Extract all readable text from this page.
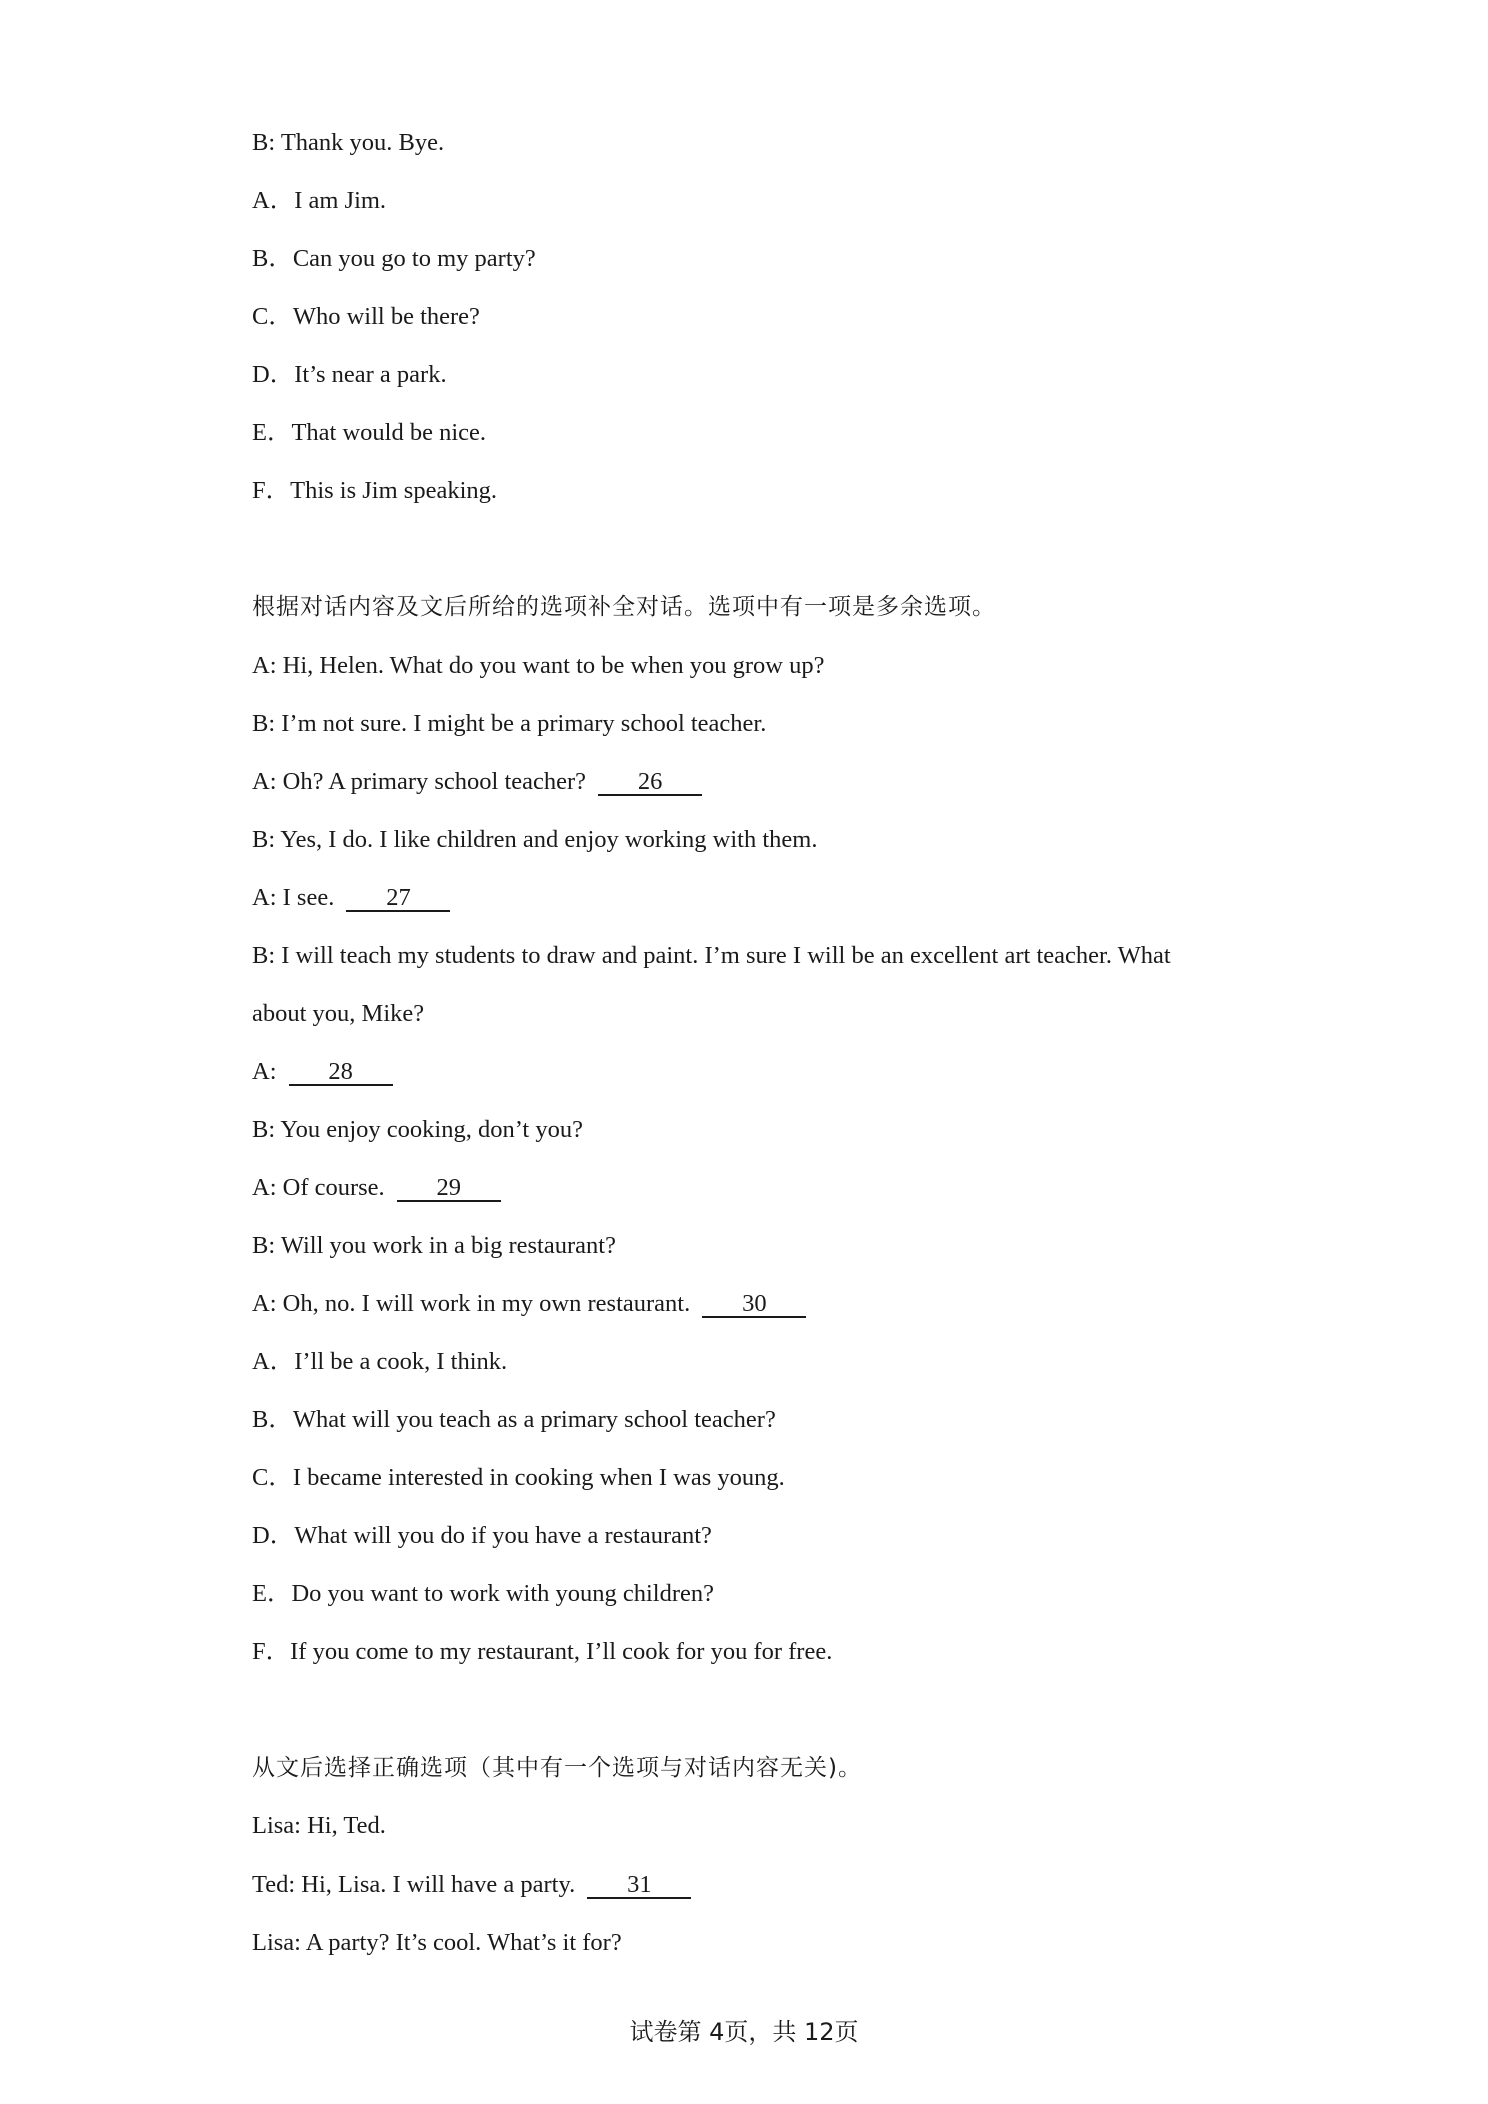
B: Thank you. Bye.
A．I am Jim.
B．Can you go to my party?
C．Who will be there?
D．It’s near a park.
E．That would be nice.
F．This is Jim speaking.
根据对话内容及文后所给的选项补全对话。选项中有一项是多余选项。
A: Hi, Helen. What do you want to be when you grow up?
B: I’m not sure. I might be a primary school teacher.
A: Oh? A primary school teacher? 26
B: Yes, I do. I like children and enjoy working with them.
A: I see. 27
B: I will teach my students to draw and paint. I’m sure I will be an excellent art teacher. What
about you, Mike?
A: 28
B: You enjoy cooking, don’t you?
A: Of course. 29
B: Will you work in a big restaurant?
A: Oh, no. I will work in my own restaurant. 30
A．I’ll be a cook, I think.
B．What will you teach as a primary school teacher?
C．I became interested in cooking when I was young.
D．What will you do if you have a restaurant?
E．Do you want to work with young children?
F．If you come to my restaurant, I’ll cook for you for free.
从文后选择正确选项（其中有一个选项与对话内容无关)。
Lisa: Hi, Ted.
Ted: Hi, Lisa. I will have a party. 31
Lisa: A party? It’s cool. What’s it for?
试卷第 4页，共 12页
